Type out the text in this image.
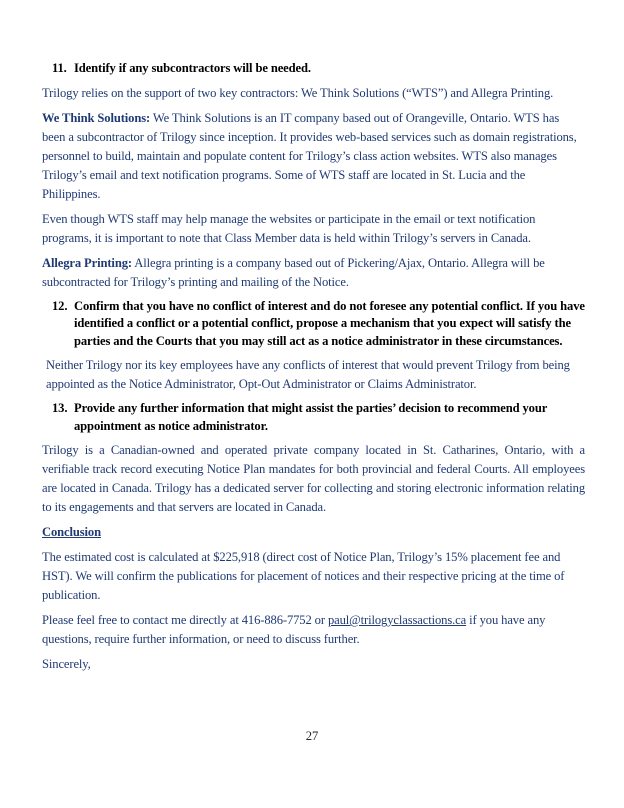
11. Identify if any subcontractors will be needed.

Trilogy relies on the support of two key contractors: We Think Solutions (“WTS”) and Allegra Printing.

We Think Solutions: We Think Solutions is an IT company based out of Orangeville, Ontario. WTS has been a subcontractor of Trilogy since inception. It provides web-based services such as domain registrations, personnel to build, maintain and populate content for Trilogy’s class action websites. WTS also manages Trilogy’s email and text notification programs. Some of WTS staff are located in St. Lucia and the Philippines.

Even though WTS staff may help manage the websites or participate in the email or text notification programs, it is important to note that Class Member data is held within Trilogy’s servers in Canada.

Allegra Printing: Allegra printing is a company based out of Pickering/Ajax, Ontario. Allegra will be subcontracted for Trilogy’s printing and mailing of the Notice.

12. Confirm that you have no conflict of interest and do not foresee any potential conflict. If you have identified a conflict or a potential conflict, propose a mechanism that you expect will satisfy the parties and the Courts that you may still act as a notice administrator in these circumstances.

Neither Trilogy nor its key employees have any conflicts of interest that would prevent Trilogy from being appointed as the Notice Administrator, Opt-Out Administrator or Claims Administrator.

13. Provide any further information that might assist the parties’ decision to recommend your appointment as notice administrator.

Trilogy is a Canadian-owned and operated private company located in St. Catharines, Ontario, with a verifiable track record executing Notice Plan mandates for both provincial and federal Courts. All employees are located in Canada. Trilogy has a dedicated server for collecting and storing electronic information relating to its engagements and that servers are located in Canada.

Conclusion

The estimated cost is calculated at $225,918 (direct cost of Notice Plan, Trilogy’s 15% placement fee and HST). We will confirm the publications for placement of notices and their respective pricing at the time of publication.

Please feel free to contact me directly at 416-886-7752 or paul@trilogyclassactions.ca if you have any questions, require further information, or need to discuss further.

Sincerely,

27
